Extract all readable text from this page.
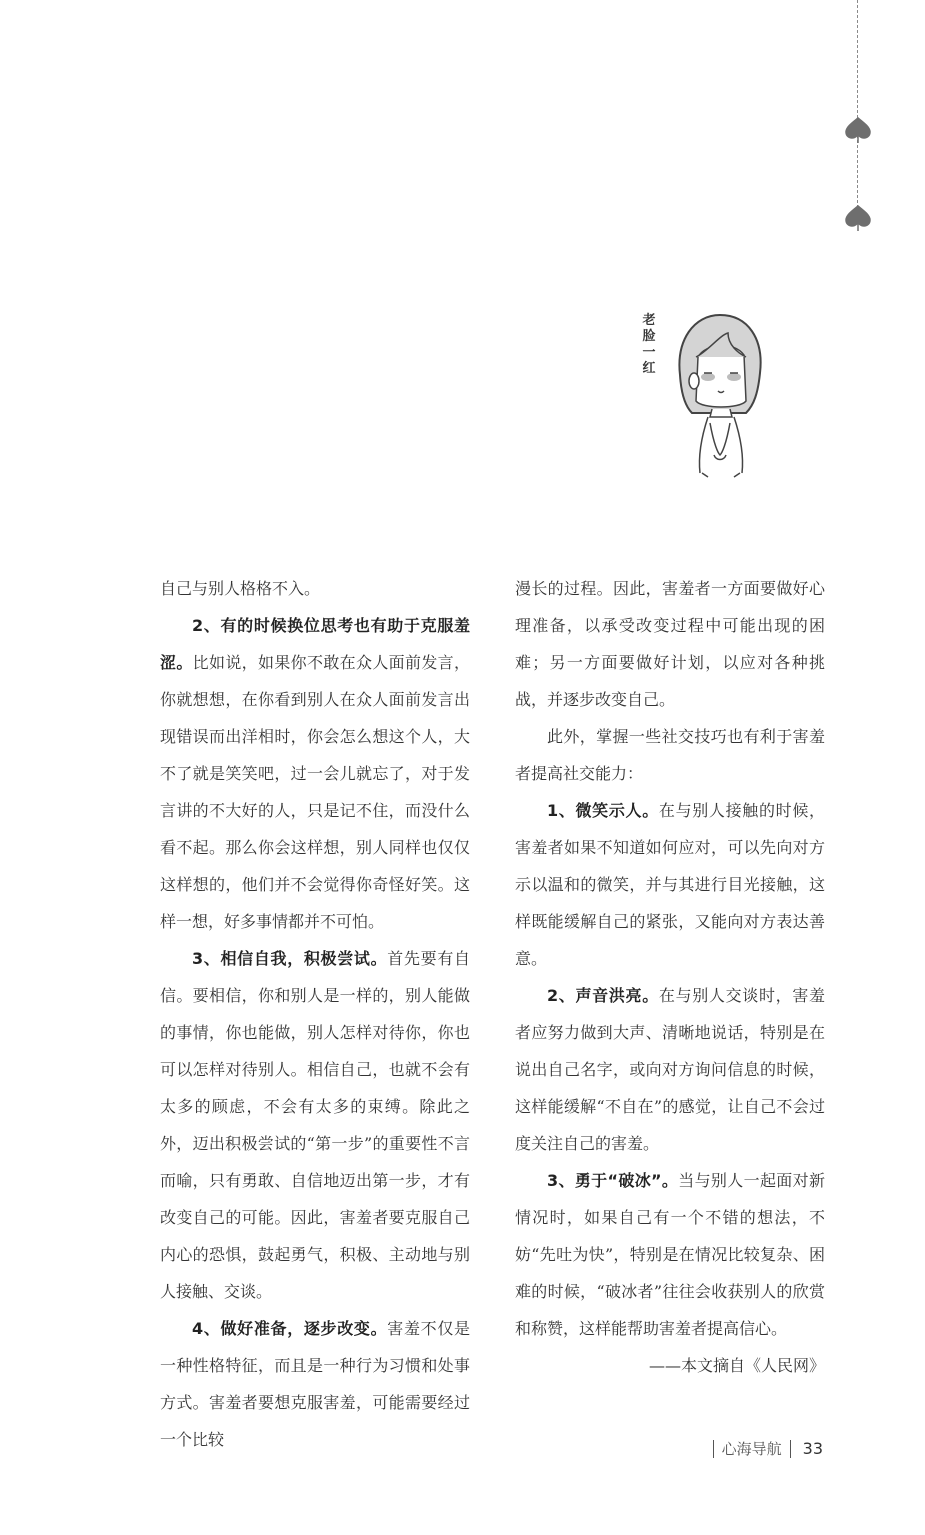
老
脸
一
红

自己与别人格格不入。

2、有的时候换位思考也有助于克服羞涩。比如说，如果你不敢在众人面前发言，你就想想，在你看到别人在众人面前发言出现错误而出洋相时，你会怎么想这个人，大不了就是笑笑吧，过一会儿就忘了，对于发言讲的不大好的人，只是记不住，而没什么看不起。那么你会这样想，别人同样也仅仅这样想的，他们并不会觉得你奇怪好笑。这样一想，好多事情都并不可怕。

3、相信自我，积极尝试。首先要有自信。要相信，你和别人是一样的，别人能做的事情，你也能做，别人怎样对待你，你也可以怎样对待别人。相信自己，也就不会有太多的顾虑，不会有太多的束缚。除此之外，迈出积极尝试的“第一步”的重要性不言而喻，只有勇敢、自信地迈出第一步，才有改变自己的可能。因此，害羞者要克服自己内心的恐惧，鼓起勇气，积极、主动地与别人接触、交谈。

4、做好准备，逐步改变。害羞不仅是一种性格特征，而且是一种行为习惯和处事方式。害羞者要想克服害羞，可能需要经过一个比较

漫长的过程。因此，害羞者一方面要做好心理准备，以承受改变过程中可能出现的困难；另一方面要做好计划，以应对各种挑战，并逐步改变自己。

此外，掌握一些社交技巧也有利于害羞者提高社交能力：

1、微笑示人。在与别人接触的时候，害羞者如果不知道如何应对，可以先向对方示以温和的微笑，并与其进行目光接触，这样既能缓解自己的紧张，又能向对方表达善意。

2、声音洪亮。在与别人交谈时，害羞者应努力做到大声、清晰地说话，特别是在说出自己名字，或向对方询问信息的时候，这样能缓解“不自在”的感觉，让自己不会过度关注自己的害羞。

3、勇于“破冰”。当与别人一起面对新情况时，如果自己有一个不错的想法，不妨“先吐为快”，特别是在情况比较复杂、困难的时候，“破冰者”往往会收获别人的欣赏和称赞，这样能帮助害羞者提高信心。

——本文摘自《人民网》

心海导航 33
